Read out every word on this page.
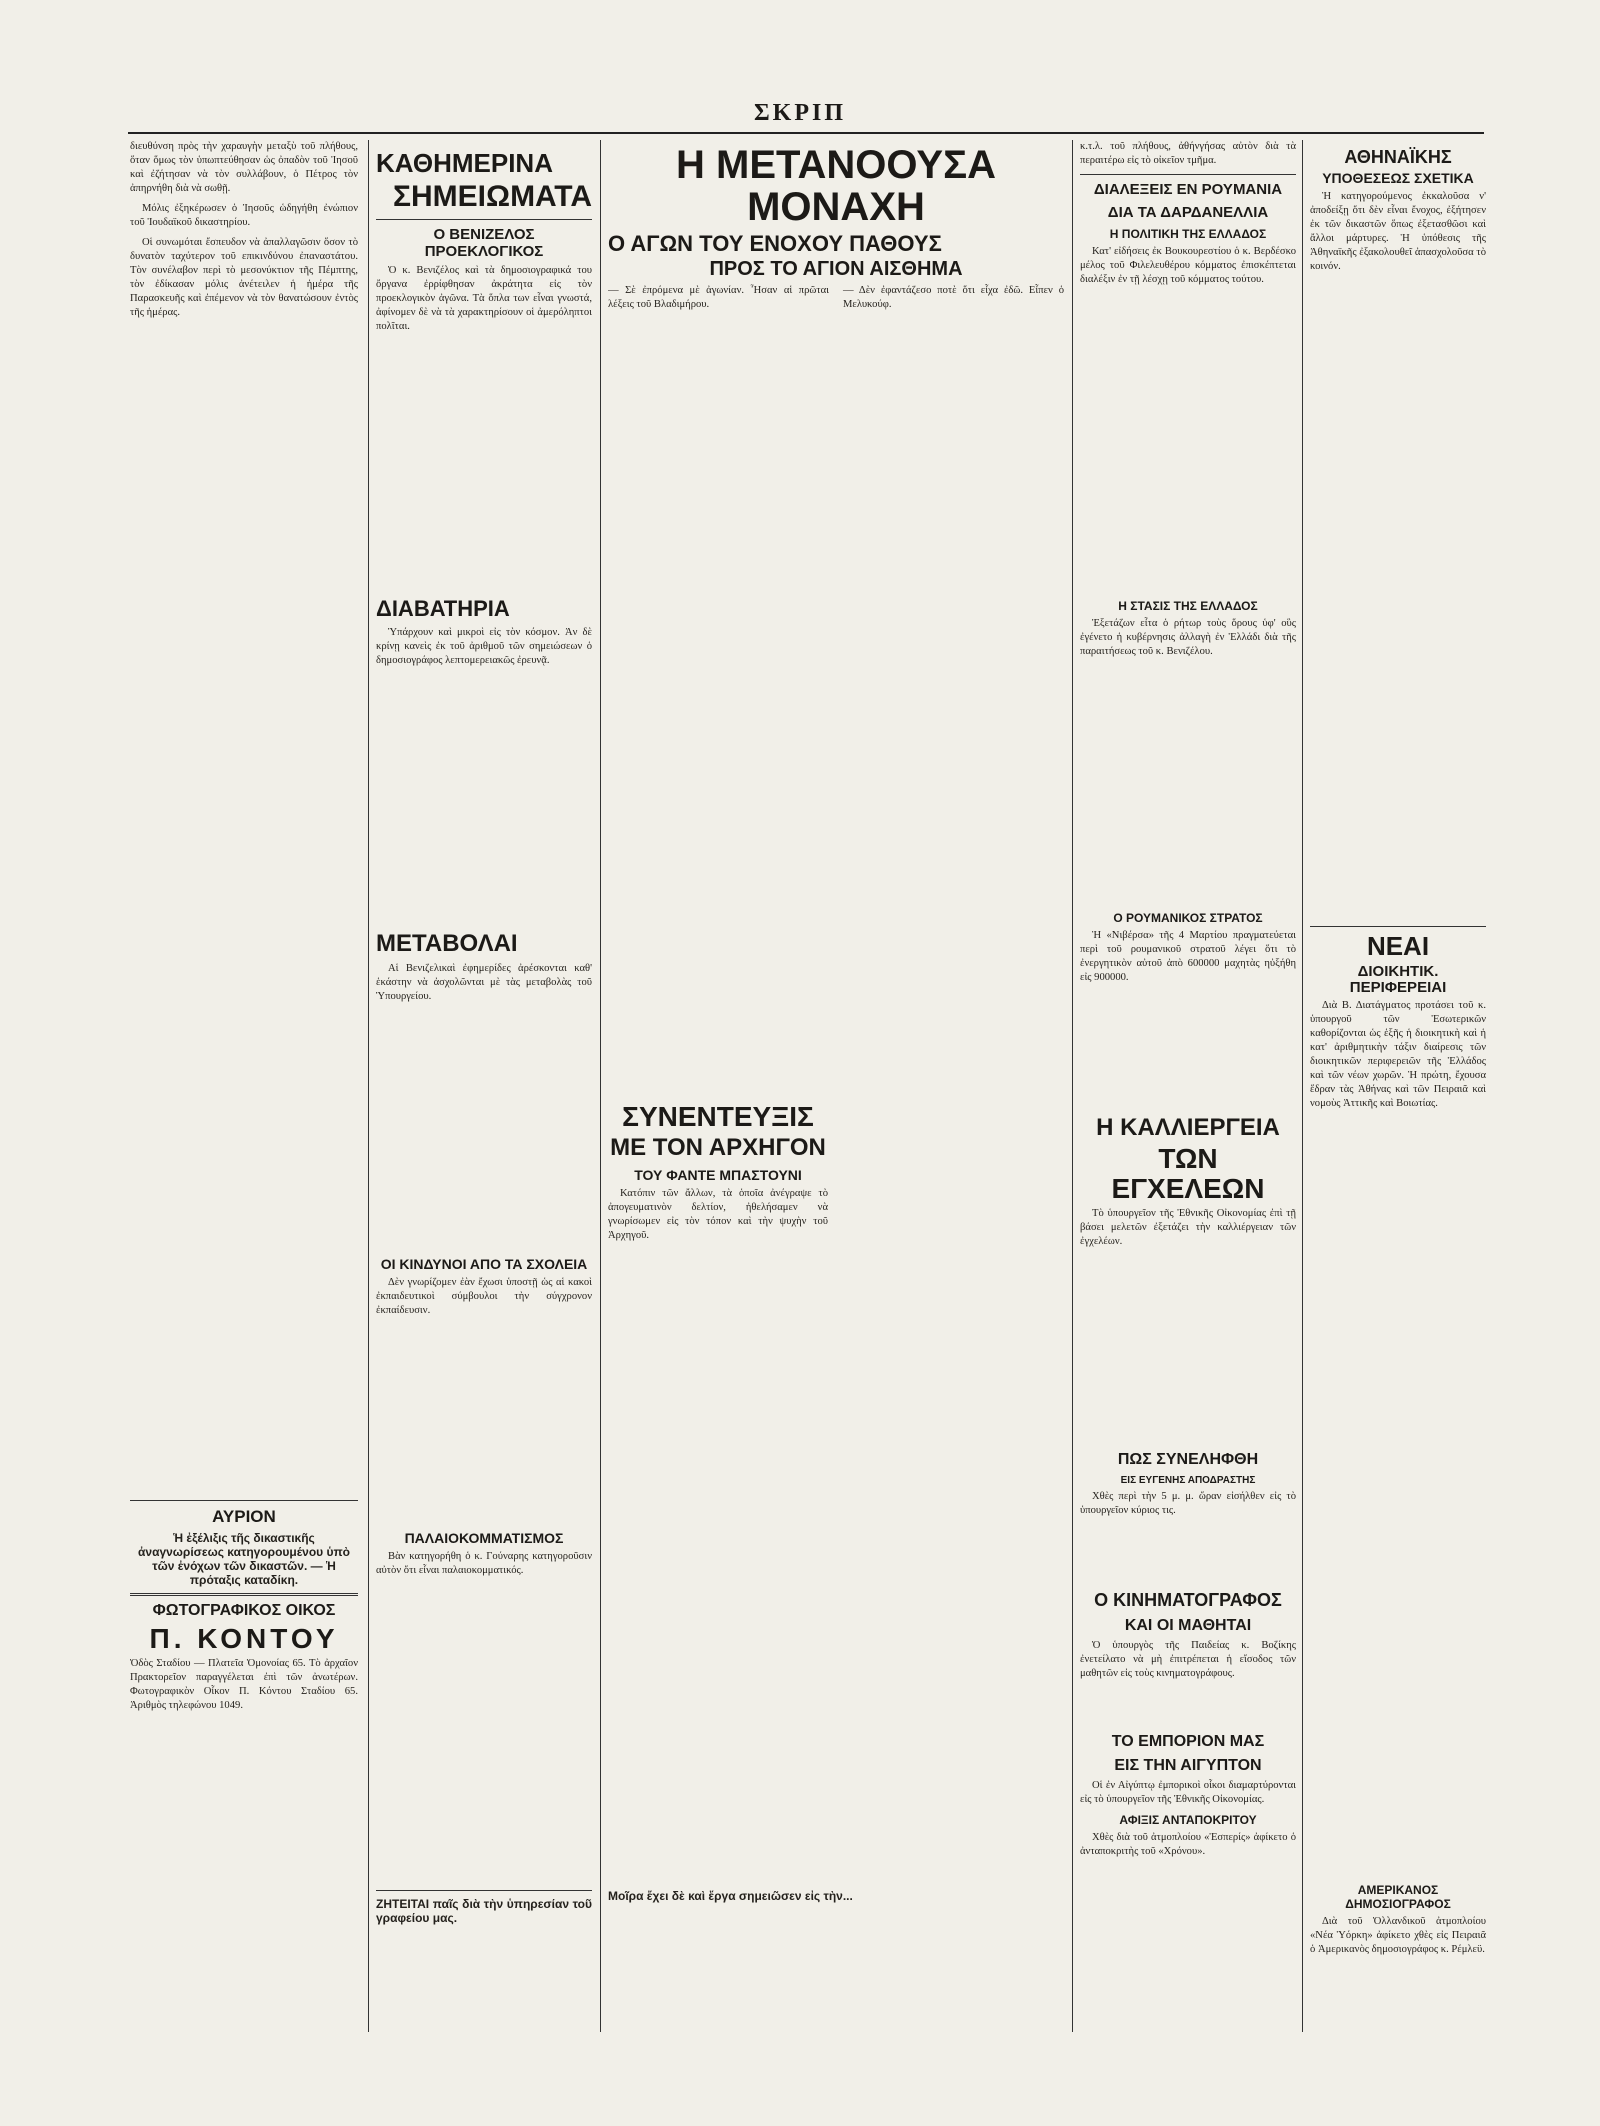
ΣΚΡΙΠ

διευθύνση πρὸς τὴν χαραυγὴν μεταξὺ τοῦ πλήθους, ὅταν ὅμως τὸν ὑπωπτεύθησαν ὡς ὀπαδὸν τοῦ Ἰησοῦ καὶ ἐζήτησαν νὰ τὸν συλλάβουν, ὁ Πέτρος τὸν ἀπηρνήθη διὰ νὰ σωθῇ.

Μόλις ἐξηκέρωσεν ὁ Ἰησοῦς ὡδηγήθη ἐνώπιον τοῦ Ἰουδαϊκοῦ δικαστηρίου.

Οἱ συνωμόται ἔσπευδον νὰ ἀπαλλαγῶσιν ὅσον τὸ δυνατὸν ταχύτερον τοῦ επικινδύνου ἐπαναστάτου. Τὸν συνέλαβον περὶ τὸ μεσονύκτιον τῆς Πέμπτης, τὸν ἐδίκασαν μόλις ἀνέτειλεν ἡ ἡμέρα τῆς Παρασκευῆς καὶ ἐπέμενον νὰ τὸν θανατώσουν ἐντὸς τῆς ἡμέρας.

ΑΥΡΙΟΝ

Ἡ ἐξέλιξις τῆς δικαστικῆς ἀναγνωρίσεως κατηγορουμένου ὑπὸ τῶν ἐνόχων τῶν δικαστῶν. — Ἡ πρόταξις καταδίκη.

ΦΩΤΟΓΡΑΦΙΚΟΣ ΟΙΚΟΣ
Π. ΚΟΝΤΟΥ

Ὁδὸς Σταδίου — Πλατεῖα Ὁμονοίας 65. Τὸ ἀρχαῖον Πρακτορεῖον παραγγέλεται ἐπὶ τῶν ἀνωτέρων. Φωτογραφικὸν Οἶκον Π. Κόντου Σταδίου 65. Ἀριθμὸς τηλεφώνου 1049.

ΚΑΘΗΜΕΡΙΝΑ
ΣΗΜΕΙΩΜΑΤΑ
Ο ΒΕΝΙΖΕΛΟΣ ΠΡΟΕΚΛΟΓΙΚΟΣ

Ὁ κ. Βενιζέλος καὶ τὰ δημοσιογραφικά του ὄργανα ἐρρίφθησαν ἀκράτητα εἰς τὸν προεκλογικὸν ἀγῶνα. Τὰ ὅπλα των εἶναι γνωστά, ἀφίνομεν δὲ νὰ τὰ χαρακτηρίσουν οἱ ἀμερόληπτοι πολῖται.

ΔΙΑΒΑΤΗΡΙΑ

Ὑπάρχουν καὶ μικροὶ εἰς τὸν κόσμον. Ἀν δὲ κρίνῃ κανεὶς ἐκ τοῦ ἀριθμοῦ τῶν σημειώσεων ὁ δημοσιογράφος λεπτομερειακῶς ἐρευνᾷ.

ΜΕΤΑΒΟΛΑΙ

Αἱ Βενιζελικαὶ ἐφημερίδες ἀρέσκονται καθ' ἑκάστην νὰ ἀσχολῶνται μὲ τὰς μεταβολὰς τοῦ Ὑπουργείου.

ΟΙ ΚΙΝΔΥΝΟΙ ΑΠΟ ΤΑ ΣΧΟΛΕΙΑ

Δὲν γνωρίζομεν ἐὰν ἔχωσι ὑποστῇ ὡς αἱ κακοὶ ἐκπαιδευτικοὶ σύμβουλοι τὴν σύγχρονον ἐκπαίδευσιν.

ΠΑΛΑΙΟΚΟΜΜΑΤΙΣΜΟΣ

Βὰν κατηγορήθη ὁ κ. Γούναρης κατηγοροῦσιν αὐτὸν ὅτι εἶναι παλαιοκομματικός.

ΖΗΤΕΙΤΑΙ παῖς διὰ τὴν ὑπηρεσίαν τοῦ γραφείου μας.

Η ΜΕΤΑΝΟΟΥΣΑ ΜΟΝΑΧΗ
Ο ΑΓΩΝ ΤΟΥ ΕΝΟΧΟΥ ΠΑΘΟΥΣ
ΠΡΟΣ ΤΟ ΑΓΙΟΝ ΑΙΣΘΗΜΑ

— Σὲ ἐπρόμενα μὲ ἀγωνίαν. Ἦσαν αἱ πρῶται λέξεις τοῦ Βλαδιμήρου.

— Δὲν ἐφαντάζεσο ποτὲ ὅτι εἶχα ἐδῶ. Εἶπεν ὁ Μελυκούφ.

ΣΥΝΕΝΤΕΥΞΙΣ
ΜΕ ΤΟΝ ΑΡΧΗΓΟΝ
ΤΟΥ ΦΑΝΤΕ ΜΠΑΣΤΟΥΝΙ

Κατόπιν τῶν ἄλλων, τὰ ὁποῖα ἀνέγραψε τὸ ἀπογευματινὸν δελτίον, ἠθελήσαμεν νὰ γνωρίσωμεν εἰς τὸν τόπον καὶ τὴν ψυχὴν τοῦ Ἀρχηγοῦ.

Μοῖρα ἔχει δὲ καὶ ἔργα σημειῶσεν εἰς τὴν...

κ.τ.λ. τοῦ πλήθους, ἀθήνγήσας αὐτὸν διὰ τὰ περαιτέρω εἰς τὸ οἰκεῖον τμῆμα.

ΔΙΑΛΕΞΕΙΣ ΕΝ ΡΟΥΜΑΝΙΑ
ΔΙΑ ΤΑ ΔΑΡΔΑΝΕΛΛΙΑ
Η ΠΟΛΙΤΙΚΗ ΤΗΣ ΕΛΛΑΔΟΣ

Κατ' εἰδήσεις ἐκ Βουκουρεστίου ὁ κ. Βερδέσκο μέλος τοῦ Φιλελευθέρου κόμματος ἐπισκέπτεται διαλέξιν ἐν τῇ λέσχῃ τοῦ κόμματος τούτου.

Η ΣΤΑΣΙΣ ΤΗΣ ΕΛΛΑΔΟΣ

Ἐξετάζων εἶτα ὁ ρήτωρ τοὺς ὅρους ὑφ' οὓς ἐγένετο ἡ κυβέρνησις ἀλλαγὴ ἐν Ἑλλάδι διὰ τῆς παραιτήσεως τοῦ κ. Βενιζέλου.

Ο ΡΟΥΜΑΝΙΚΟΣ ΣΤΡΑΤΟΣ

Ἡ «Νιβέρσα» τῆς 4 Μαρτίου πραγματεύεται περὶ τοῦ ρουμανικοῦ στρατοῦ λέγει ὅτι τὸ ἐνεργητικὸν αὐτοῦ ἀπὸ 600000 μαχητὰς ηὐξήθη εἰς 900000.

Η ΚΑΛΛΙΕΡΓΕΙΑ
ΤΩΝ ΕΓΧΕΛΕΩΝ

Τὸ ὑπουργεῖον τῆς Ἐθνικῆς Οἰκονομίας ἐπὶ τῇ βάσει μελετῶν ἐξετάζει τὴν καλλιέργειαν τῶν ἐγχελέων.

ΠΩΣ ΣΥΝΕΛΗΦΘΗ
ΕΙΣ ΕΥΓΕΝΗΣ ΑΠΟΔΡΑΣΤΗΣ

Χθὲς περὶ τὴν 5 μ. μ. ὥραν εἰσήλθεν εἰς τὸ ὑπουργεῖον κύριος τις.

Ο ΚΙΝΗΜΑΤΟΓΡΑΦΟΣ
ΚΑΙ ΟΙ ΜΑΘΗΤΑΙ

Ὁ ὑπουργὸς τῆς Παιδείας κ. Βοζίκης ἐνετείλατο νὰ μὴ ἐπιτρέπεται ἡ εἴσοδος τῶν μαθητῶν εἰς τοὺς κινηματογράφους.

ΤΟ ΕΜΠΟΡΙΟΝ ΜΑΣ
ΕΙΣ ΤΗΝ ΑΙΓΥΠΤΟΝ

Οἱ ἐν Αἰγύπτῳ ἐμπορικοὶ οἶκοι διαμαρτύρονται εἰς τὸ ὑπουργεῖον τῆς Ἐθνικῆς Οἰκονομίας.

ΑΦΙΞΙΣ ΑΝΤΑΠΟΚΡΙΤΟΥ

Χθὲς διὰ τοῦ ἀτμοπλοίου «Ἑσπερίς» ἀφίκετο ὁ ἀνταποκριτὴς τοῦ «Χρόνου».

ΑΘΗΝΑΪΚΗΣ
ΥΠΟΘΕΣΕΩΣ ΣΧΕΤΙΚΑ

Ἡ κατηγορούμενος ἐκκαλοῦσα ν' ἀποδείξῃ ὅτι δὲν εἶναι ἔνοχος, ἐξήτησεν ἐκ τῶν δικαστῶν ὅπως ἐξετασθῶσι καὶ ἄλλοι μάρτυρες. Ἡ ὑπόθεσις τῆς Ἀθηναϊκῆς ἐξακολουθεῖ ἀπασχολοῦσα τὸ κοινόν.

ΝΕΑΙ
ΔΙΟΙΚΗΤΙΚ. ΠΕΡΙΦΕΡΕΙΑΙ

Διὰ Β. Διατάγματος προτάσει τοῦ κ. ὑπουργοῦ τῶν Ἐσωτερικῶν καθορίζονται ὡς ἑξῆς ἡ διοικητικὴ καὶ ἡ κατ' ἀριθμητικὴν τάξιν διαίρεσις τῶν διοικητικῶν περιφερειῶν τῆς Ἑλλάδος καὶ τῶν νέων χωρῶν. Ἡ πρώτη, ἔχουσα ἕδραν τὰς Ἀθήνας καὶ τῶν Πειραιᾶ καὶ νομοὺς Ἀττικῆς καὶ Βοιωτίας.

ΑΜΕΡΙΚΑΝΟΣ ΔΗΜΟΣΙΟΓΡΑΦΟΣ

Διὰ τοῦ Ὁλλανδικοῦ ἀτμοπλοίου «Νέα Ὑόρκη» ἀφίκετο χθὲς εἰς Πειραιᾶ ὁ Ἀμερικανὸς δημοσιογράφος κ. Ρέμλεϋ.
